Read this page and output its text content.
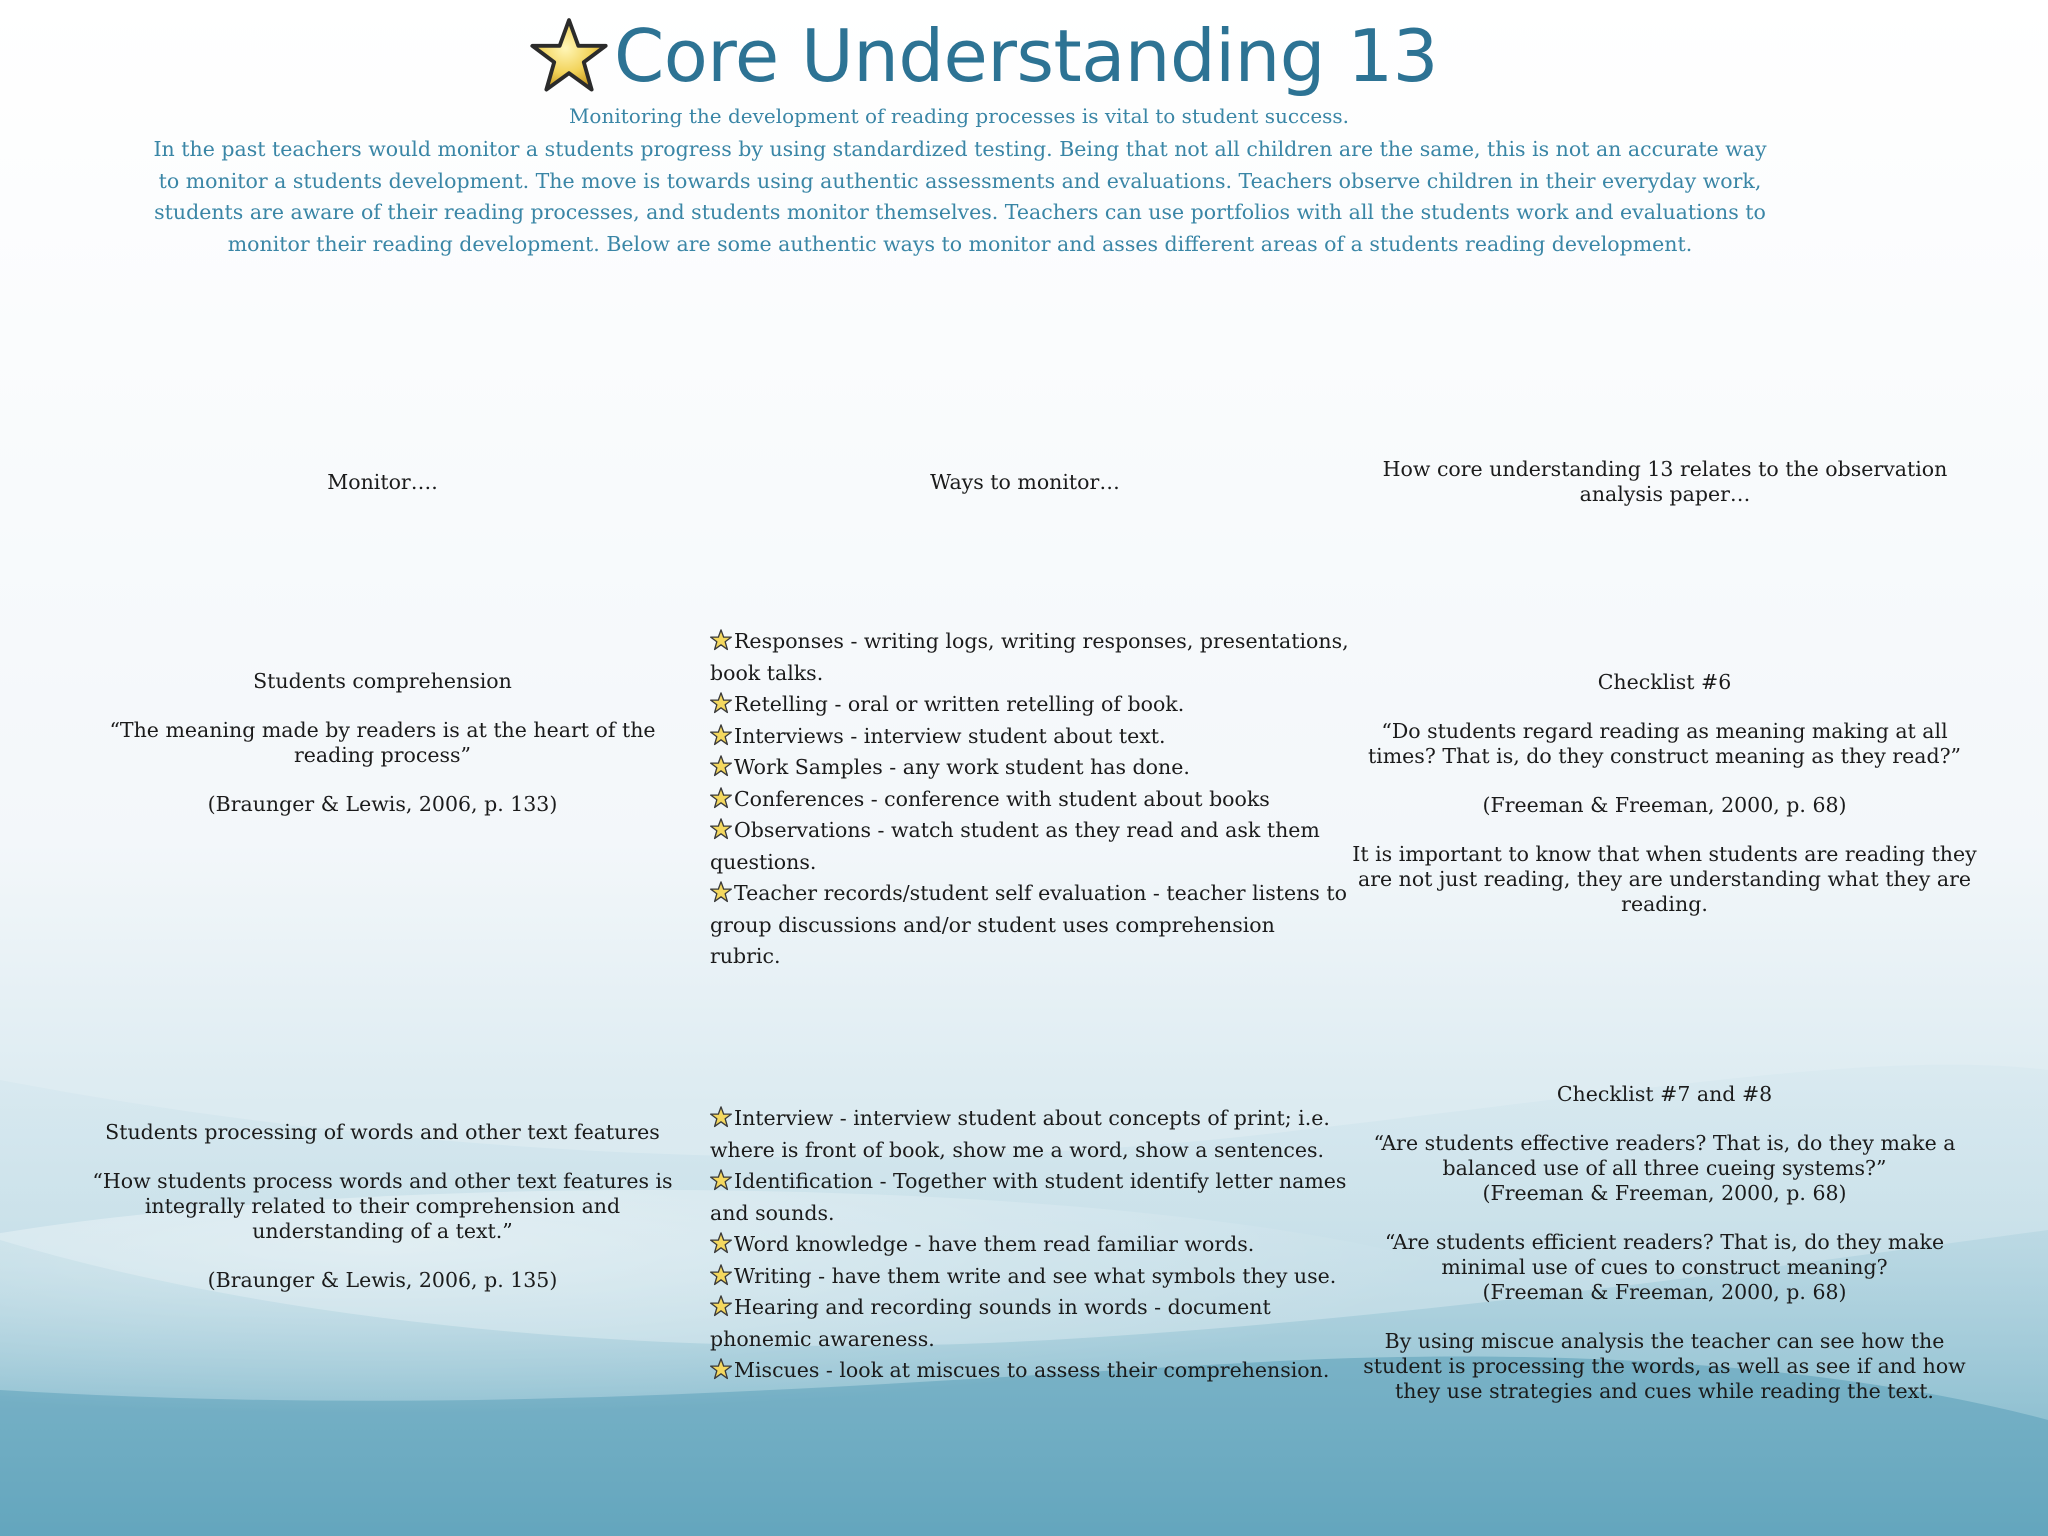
Core Understanding 13
Monitoring the development of reading processes is vital to student success.
In the past teachers would monitor a students progress by using standardized testing. Being that not all children are the same, this is not an accurate way to monitor a students development. The move is towards using authentic assessments and evaluations. Teachers observe children in their everyday work, students are aware of their reading processes, and students monitor themselves. Teachers can use portfolios with all the students work and evaluations to monitor their reading development. Below are some authentic ways to monitor and asses different areas of a students reading development.

Monitor….	Ways to monitor…

How core understanding 13 relates to the observation analysis paper…

Students comprehension

“The meaning made by readers is at the heart of the reading process”

(Braunger & Lewis, 2006, p. 133)

Responses - writing logs, writing responses, presentations, book talks.
Retelling - oral or written retelling of book.
Interviews - interview student about text.
Work Samples - any work student has done.
Conferences - conference with student about books
Observations - watch student as they read and ask them questions.
Teacher records/student self evaluation - teacher listens to group discussions and/or student uses comprehension rubric.

Checklist #6

“Do students regard reading as meaning making at all times? That is, do they construct meaning as they read?”

(Freeman & Freeman, 2000, p. 68)

It is important to know that when students are reading they are not just reading, they are understanding what they are reading.

Students processing of words and other text features

“How students process words and other text features is integrally related to their comprehension and understanding of a text.”

(Braunger & Lewis, 2006, p. 135)

Interview - interview student about concepts of print; i.e. where is front of book, show me a word, show a sentences.
Identification - Together with student identify letter names and sounds.
Word knowledge - have them read familiar words.
Writing - have them write and see what symbols they use.
Hearing and recording sounds in words - document phonemic awareness.
Miscues - look at miscues to assess their comprehension.

Checklist #7 and #8

“Are students effective readers? That is, do they make a balanced use of all three cueing systems?”

(Freeman & Freeman, 2000, p. 68)

“Are students efficient readers? That is, do they make minimal use of cues to construct meaning?

(Freeman & Freeman, 2000, p. 68)

By using miscue analysis the teacher can see how the student is processing the words, as well as see if and how they use strategies and cues while reading the text.
